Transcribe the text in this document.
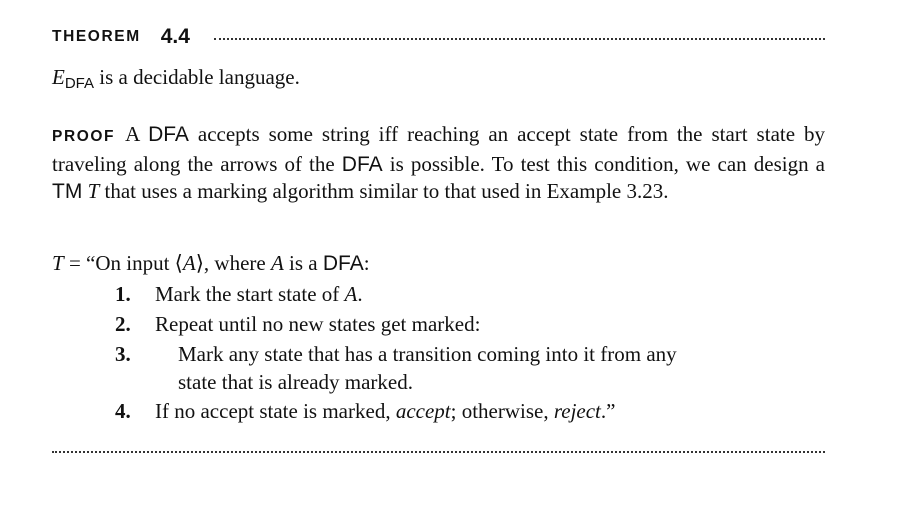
THEOREM 4.4
EDFA is a decidable language.
PROOF A DFA accepts some string iff reaching an accept state from the start state by traveling along the arrows of the DFA is possible. To test this condition, we can design a TM T that uses a marking algorithm similar to that used in Example 3.23.
T = “On input ⟨A⟩, where A is a DFA:
1.	Mark the start state of A.
2.	Repeat until no new states get marked:
3.	Mark any state that has a transition coming into it from any
state that is already marked.
4.	If no accept state is marked, accept; otherwise, reject.”
